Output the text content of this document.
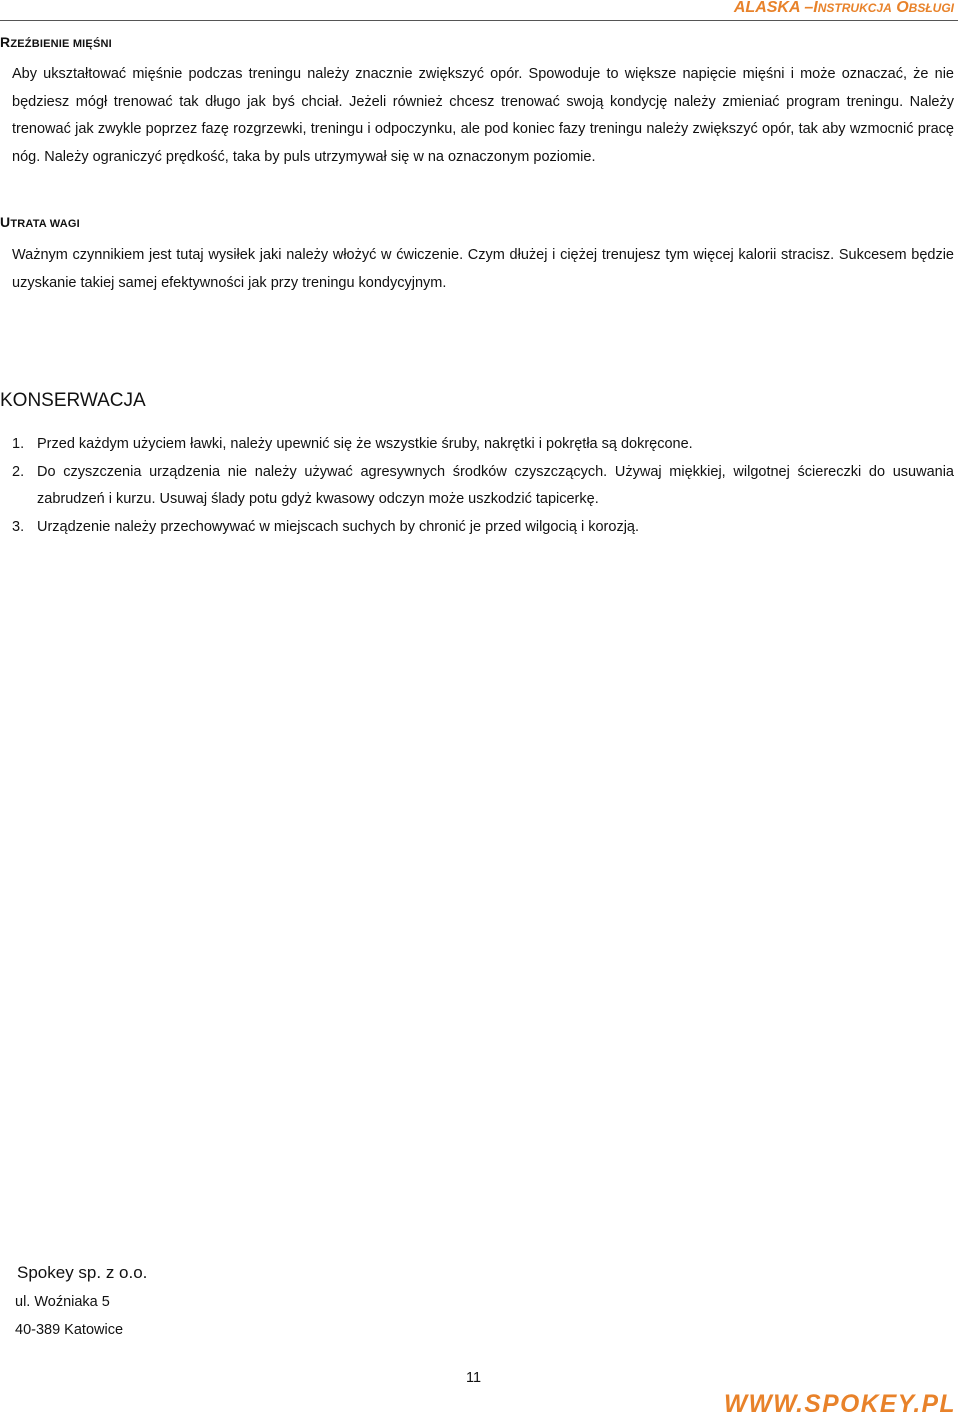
ALASKA –INSTRUKCJA OBSŁUGI
RZEŹBIENIE MIĘŚNI

Aby ukształtować mięśnie podczas treningu należy znacznie zwiększyć opór. Spowoduje to większe napięcie mięśni i może oznaczać, że nie będziesz mógł trenować tak długo jak byś chciał. Jeżeli również chcesz trenować swoją kondycję należy zmieniać program treningu. Należy trenować jak zwykle poprzez fazę rozgrzewki, treningu i odpoczynku, ale pod koniec fazy treningu należy zwiększyć opór, tak aby wzmocnić pracę nóg. Należy ograniczyć prędkość, taka by puls utrzymywał się w na oznaczonym poziomie.

UTRATA WAGI

Ważnym czynnikiem jest tutaj wysiłek jaki należy włożyć w ćwiczenie. Czym dłużej i ciężej trenujesz tym więcej kalorii stracisz. Sukcesem będzie uzyskanie takiej samej efektywności jak przy treningu kondycyjnym.

KONSERWACJA
1. Przed każdym użyciem ławki, należy upewnić się że wszystkie śruby, nakrętki i pokrętła są dokręcone.
2. Do czyszczenia urządzenia nie należy używać agresywnych środków czyszczących. Używaj miękkiej, wilgotnej ściereczki do usuwania zabrudzeń i kurzu. Usuwaj ślady potu gdyż kwasowy odczyn może uszkodzić tapicerkę.
3. Urządzenie należy przechowywać w miejscach suchych by chronić je przed wilgocią i korozją.
Spokey sp. z o.o.
ul. Woźniaka 5
40-389 Katowice
11
WWW.SPOKEY.PL
